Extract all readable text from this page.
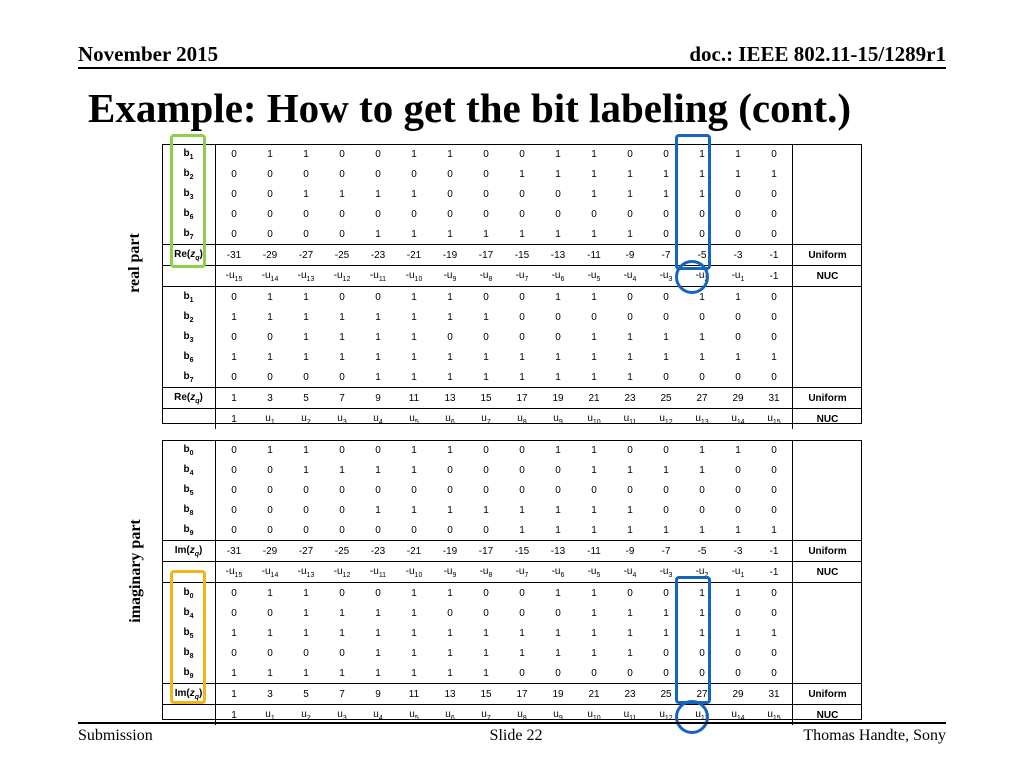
November 2015	doc.: IEEE 802.11-15/1289r1
Example: How to get the bit labeling (cont.)
real part
imaginary part
$b_1$	0	1	1	0	0	1	1	0	0	1	1	0	0	1	1	0	
$b_2$	0	0	0	0	0	0	0	0	1	1	1	1	1	1	1	1	
$b_3$	0	0	1	1	1	1	0	0	0	0	1	1	1	1	0	0	
$b_6$	0	0	0	0	0	0	0	0	0	0	0	0	0	0	0	0	
$b_7$	0	0	0	0	1	1	1	1	1	1	1	1	0	0	0	0	
$Re(z_q)$	-31	-29	-27	-25	-23	-21	-19	-17	-15	-13	-11	-9	-7	-5	-3	-1	Uniform
	$-u_{15}$	$-u_{14}$	$-u_{13}$	$-u_{12}$	$-u_{11}$	$-u_{10}$	$-u_9$	$-u_8$	$-u_7$	$-u_6$	$-u_5$	$-u_4$	$-u_3$	$-u_2$	$-u_1$	-1	NUC
$b_1$	0	1	1	0	0	1	1	0	0	1	1	0	0	1	1	0	
$b_2$	1	1	1	1	1	1	1	1	0	0	0	0	0	0	0	0	
$b_3$	0	0	1	1	1	1	0	0	0	0	1	1	1	1	0	0	
$b_6$	1	1	1	1	1	1	1	1	1	1	1	1	1	1	1	1	
$b_7$	0	0	0	0	1	1	1	1	1	1	1	1	0	0	0	0	
$Re(z_q)$	1	3	5	7	9	11	13	15	17	19	21	23	25	27	29	31	Uniform
	1	$u_1$	$u_2$	$u_3$	$u_4$	$u_5$	$u_6$	$u_7$	$u_8$	$u_9$	$u_{10}$	$u_{11}$	$u_{12}$	$u_{13}$	$u_{14}$	$u_{15}$	NUC
$b_0$	0	1	1	0	0	1	1	0	0	1	1	0	0	1	1	0	
$b_4$	0	0	1	1	1	1	0	0	0	0	1	1	1	1	0	0	
$b_5$	0	0	0	0	0	0	0	0	0	0	0	0	0	0	0	0	
$b_8$	0	0	0	0	1	1	1	1	1	1	1	1	0	0	0	0	
$b_9$	0	0	0	0	0	0	0	0	1	1	1	1	1	1	1	1	
$Im(z_q)$	-31	-29	-27	-25	-23	-21	-19	-17	-15	-13	-11	-9	-7	-5	-3	-1	Uniform
	$-u_{15}$	$-u_{14}$	$-u_{13}$	$-u_{12}$	$-u_{11}$	$-u_{10}$	$-u_9$	$-u_8$	$-u_7$	$-u_6$	$-u_5$	$-u_4$	$-u_3$	$-u_2$	$-u_1$	-1	NUC
$b_0$	0	1	1	0	0	1	1	0	0	1	1	0	0	1	1	0	
$b_4$	0	0	1	1	1	1	0	0	0	0	1	1	1	1	0	0	
$b_5$	1	1	1	1	1	1	1	1	1	1	1	1	1	1	1	1	
$b_8$	0	0	0	0	1	1	1	1	1	1	1	1	0	0	0	0	
$b_9$	1	1	1	1	1	1	1	1	0	0	0	0	0	0	0	0	
$Im(z_q)$	1	3	5	7	9	11	13	15	17	19	21	23	25	27	29	31	Uniform
	1	$u_1$	$u_2$	$u_3$	$u_4$	$u_5$	$u_6$	$u_7$	$u_8$	$u_9$	$u_{10}$	$u_{11}$	$u_{12}$	$u_{13}$	$u_{14}$	$u_{15}$	NUC
Submission	Slide 22	Thomas Handte, Sony
